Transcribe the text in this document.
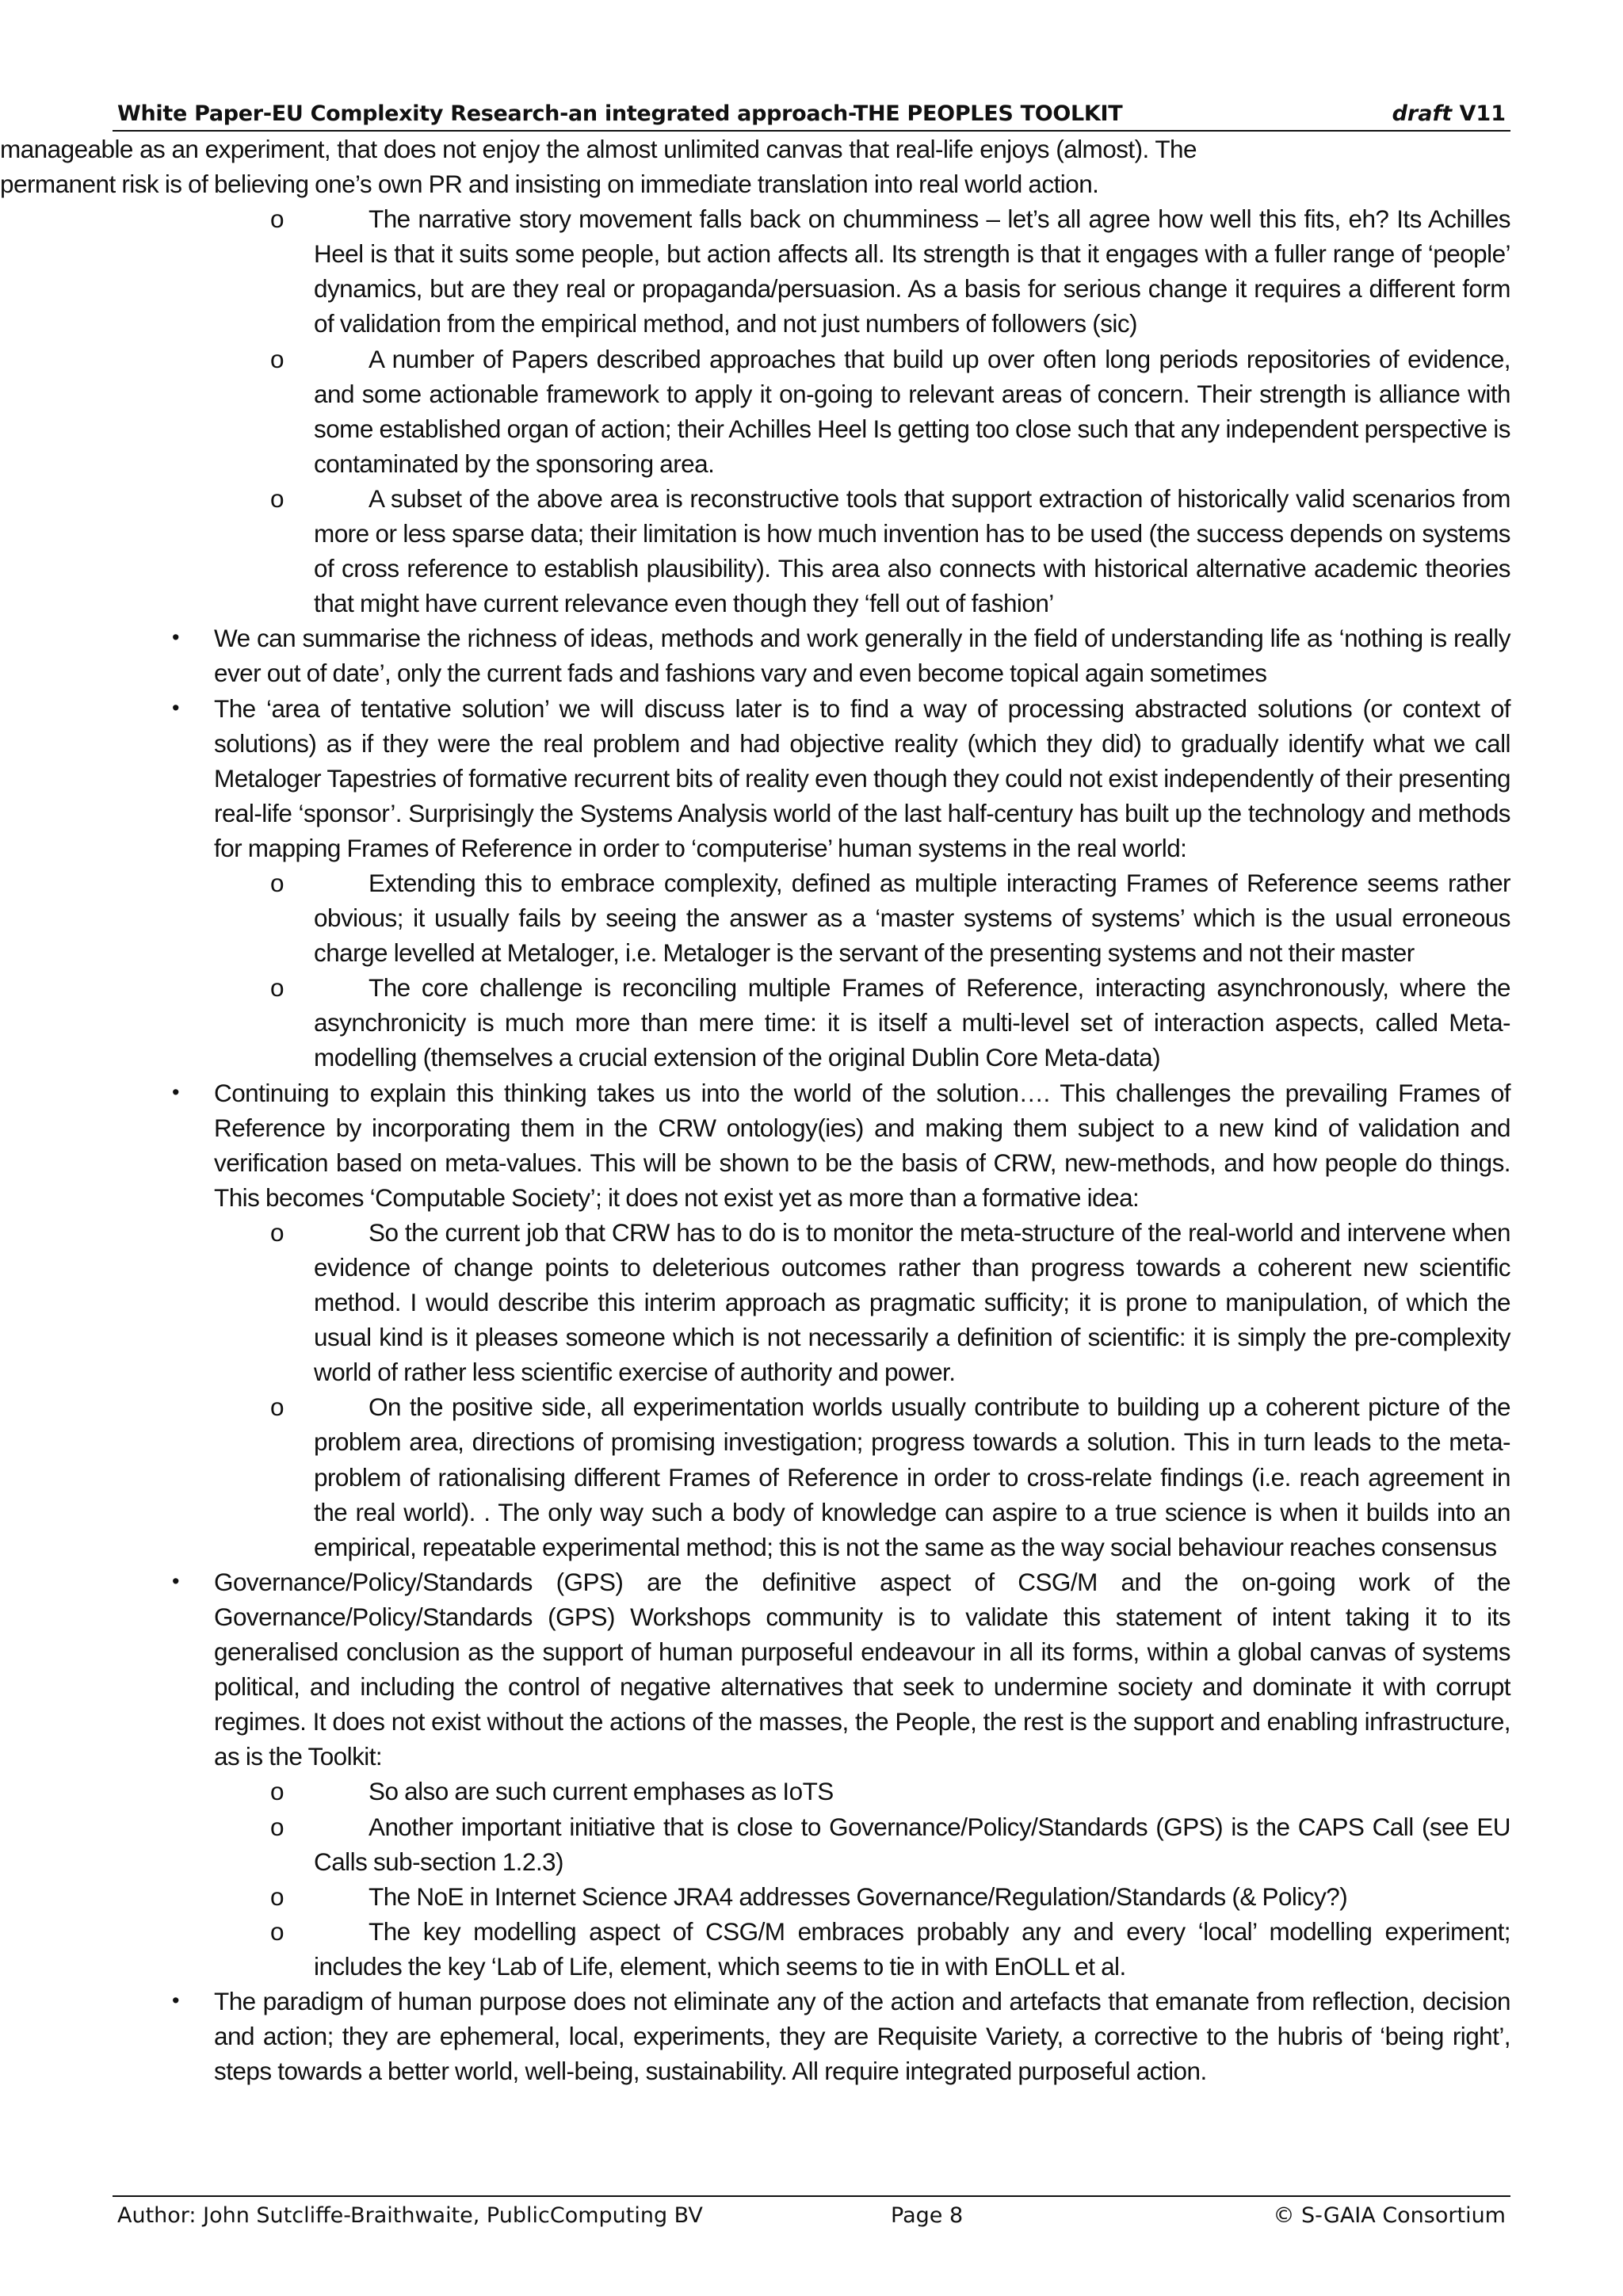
White Paper-EU Complexity Research-an integrated approach-THE PEOPLES TOOLKIT	draft V11

manageable as an experiment, that does not enjoy the almost unlimited canvas that real-life enjoys (almost). The permanent risk is of believing one’s own PR and insisting on immediate translation into real world action.

o	The narrative story movement falls back on chumminess – let’s all agree how well this fits, eh? Its Achilles Heel is that it suits some people, but action affects all. Its strength is that it engages with a fuller range of ‘people’ dynamics, but are they real or propaganda/persuasion. As a basis for serious change it requires a different form of validation from the empirical method, and not just numbers of followers (sic)

o	A number of Papers described approaches that build up over often long periods repositories of evidence, and some actionable framework to apply it on-going to relevant areas of concern. Their strength is alliance with some established organ of action; their Achilles Heel Is getting too close such that any independent perspective is contaminated by the sponsoring area.

o	A subset of the above area is reconstructive tools that support extraction of historically valid scenarios from more or less sparse data; their limitation is how much invention has to be used (the success depends on systems of cross reference to establish plausibility). This area also connects with historical alternative academic theories that might have current relevance even though they ‘fell out of fashion’

• We can summarise the richness of ideas, methods and work generally in the field of understanding life as ‘nothing is really ever out of date’, only the current fads and fashions vary and even become topical again sometimes

• The ‘area of tentative solution’ we will discuss later is to find a way of processing abstracted solutions (or context of solutions) as if they were the real problem and had objective reality (which they did) to gradually identify what we call Metaloger Tapestries of formative recurrent bits of reality even though they could not exist independently of their presenting real-life ‘sponsor’. Surprisingly the Systems Analysis world of the last half-century has built up the technology and methods for mapping Frames of Reference in order to ‘computerise’ human systems in the real world:

o	Extending this to embrace complexity, defined as multiple interacting Frames of Reference seems rather obvious; it usually fails by seeing the answer as a ‘master systems of systems’ which is the usual erroneous charge levelled at Metaloger, i.e. Metaloger is the servant of the presenting systems and not their master

o	The core challenge is reconciling multiple Frames of Reference, interacting asynchronously, where the asynchronicity is much more than mere time: it is itself a multi-level set of interaction aspects, called Meta-modelling (themselves a crucial extension of the original Dublin Core Meta-data)

• Continuing to explain this thinking takes us into the world of the solution…. This challenges the prevailing Frames of Reference by incorporating them in the CRW ontology(ies) and making them subject to a new kind of validation and verification based on meta-values. This will be shown to be the basis of CRW, new-methods, and how people do things. This becomes ‘Computable Society’; it does not exist yet as more than a formative idea:

o	So the current job that CRW has to do is to monitor the meta-structure of the real-world and intervene when evidence of change points to deleterious outcomes rather than progress towards a coherent new scientific method. I would describe this interim approach as pragmatic sufficity; it is prone to manipulation, of which the usual kind is it pleases someone which is not necessarily a definition of scientific: it is simply the pre-complexity world of rather less scientific exercise of authority and power.

o	On the positive side, all experimentation worlds usually contribute to building up a coherent picture of the problem area, directions of promising investigation; progress towards a solution. This in turn leads to the meta-problem of rationalising different Frames of Reference in order to cross-relate findings (i.e. reach agreement in the real world). . The only way such a body of knowledge can aspire to a true science is when it builds into an empirical, repeatable experimental method; this is not the same as the way social behaviour reaches consensus

• Governance/Policy/Standards (GPS) are the definitive aspect of CSG/M and the on-going work of the Governance/Policy/Standards (GPS) Workshops community is to validate this statement of intent taking it to its generalised conclusion as the support of human purposeful endeavour in all its forms, within a global canvas of systems political, and including the control of negative alternatives that seek to undermine society and dominate it with corrupt regimes. It does not exist without the actions of the masses, the People, the rest is the support and enabling infrastructure, as is the Toolkit:

o	So also are such current emphases as IoTS

o	Another important initiative that is close to Governance/Policy/Standards (GPS) is the CAPS Call (see EU Calls sub-section 1.2.3)

o	The NoE in Internet Science JRA4 addresses Governance/Regulation/Standards (& Policy?)

o	The key modelling aspect of CSG/M embraces probably any and every ‘local’ modelling experiment; includes the key ‘Lab of Life, element, which seems to tie in with EnOLL et al.

• The paradigm of human purpose does not eliminate any of the action and artefacts that emanate from reflection, decision and action; they are ephemeral, local, experiments, they are Requisite Variety, a corrective to the hubris of ‘being right’, steps towards a better world, well-being, sustainability. All require integrated purposeful action.

Author: John Sutcliffe-Braithwaite, PublicComputing BV	Page 8	© S-GAIA Consortium
